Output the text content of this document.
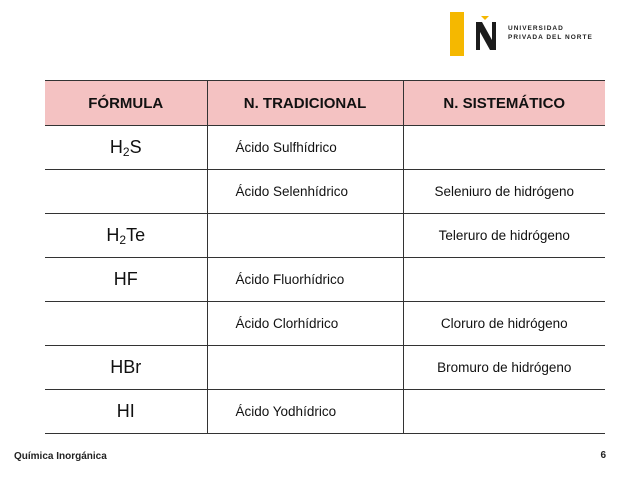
UNIVERSIDAD
PRIVADA DEL NORTE
FÓRMULA	N. TRADICIONAL	N. SISTEMÁTICO
$H_2S$	Ácido Sulfhídrico	
	Ácido Selenhídrico	Seleniuro de hidrógeno
$H_2Te$		Teleruro de hidrógeno
HF	Ácido Fluorhídrico	
	Ácido Clorhídrico	Cloruro de hidrógeno
HBr		Bromuro de hidrógeno
HI	Ácido Yodhídrico	
Química Inorgánica	6
